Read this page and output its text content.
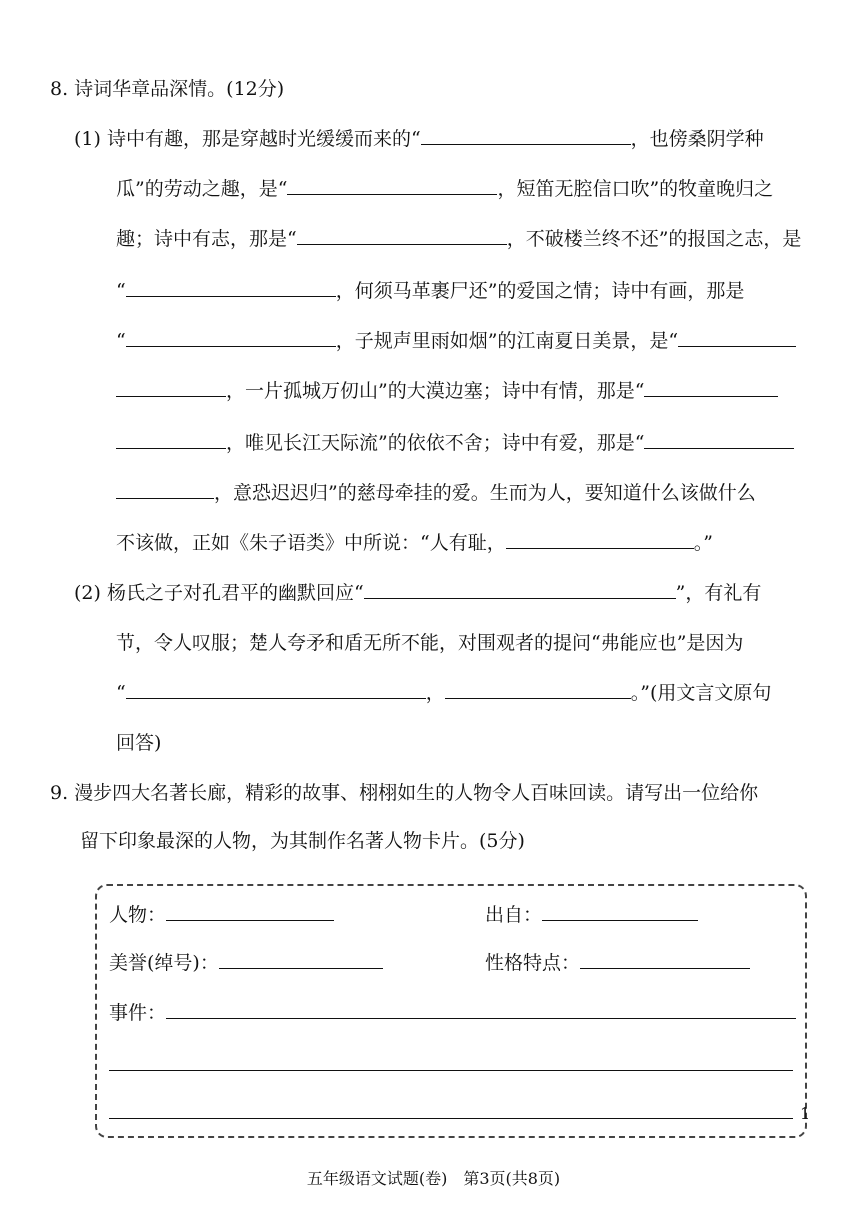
8. 诗词华章品深情。(12分)
(1) 诗中有趣，那是穿越时光缓缓而来的“	，也傍桑阴学种
瓜”的劳动之趣，是“	，短笛无腔信口吹”的牧童晚归之
趣；诗中有志，那是“	，不破楼兰终不还”的报国之志，是
“	，何须马革裹尸还”的爱国之情；诗中有画，那是
“	，子规声里雨如烟”的江南夏日美景，是“
，一片孤城万仞山”的大漠边塞；诗中有情，那是“
，唯见长江天际流”的依依不舍；诗中有爱，那是“
，意恐迟迟归”的慈母牵挂的爱。生而为人，要知道什么该做什么
不该做，正如《朱子语类》中所说：“人有耻，	。”
(2) 杨氏之子对孔君平的幽默回应“	”，有礼有
节，令人叹服；楚人夸矛和盾无所不能，对围观者的提问“弗能应也”是因为
“	，	。”(用文言文原句
回答)
9. 漫步四大名著长廊，精彩的故事、栩栩如生的人物令人百味回读。请写出一位给你
留下印象最深的人物，为其制作名著人物卡片。(5分)
人物：	出自：
美誉(绰号)：	性格特点：
事件：
1
五年级语文试题(卷)　第3页(共8页)
